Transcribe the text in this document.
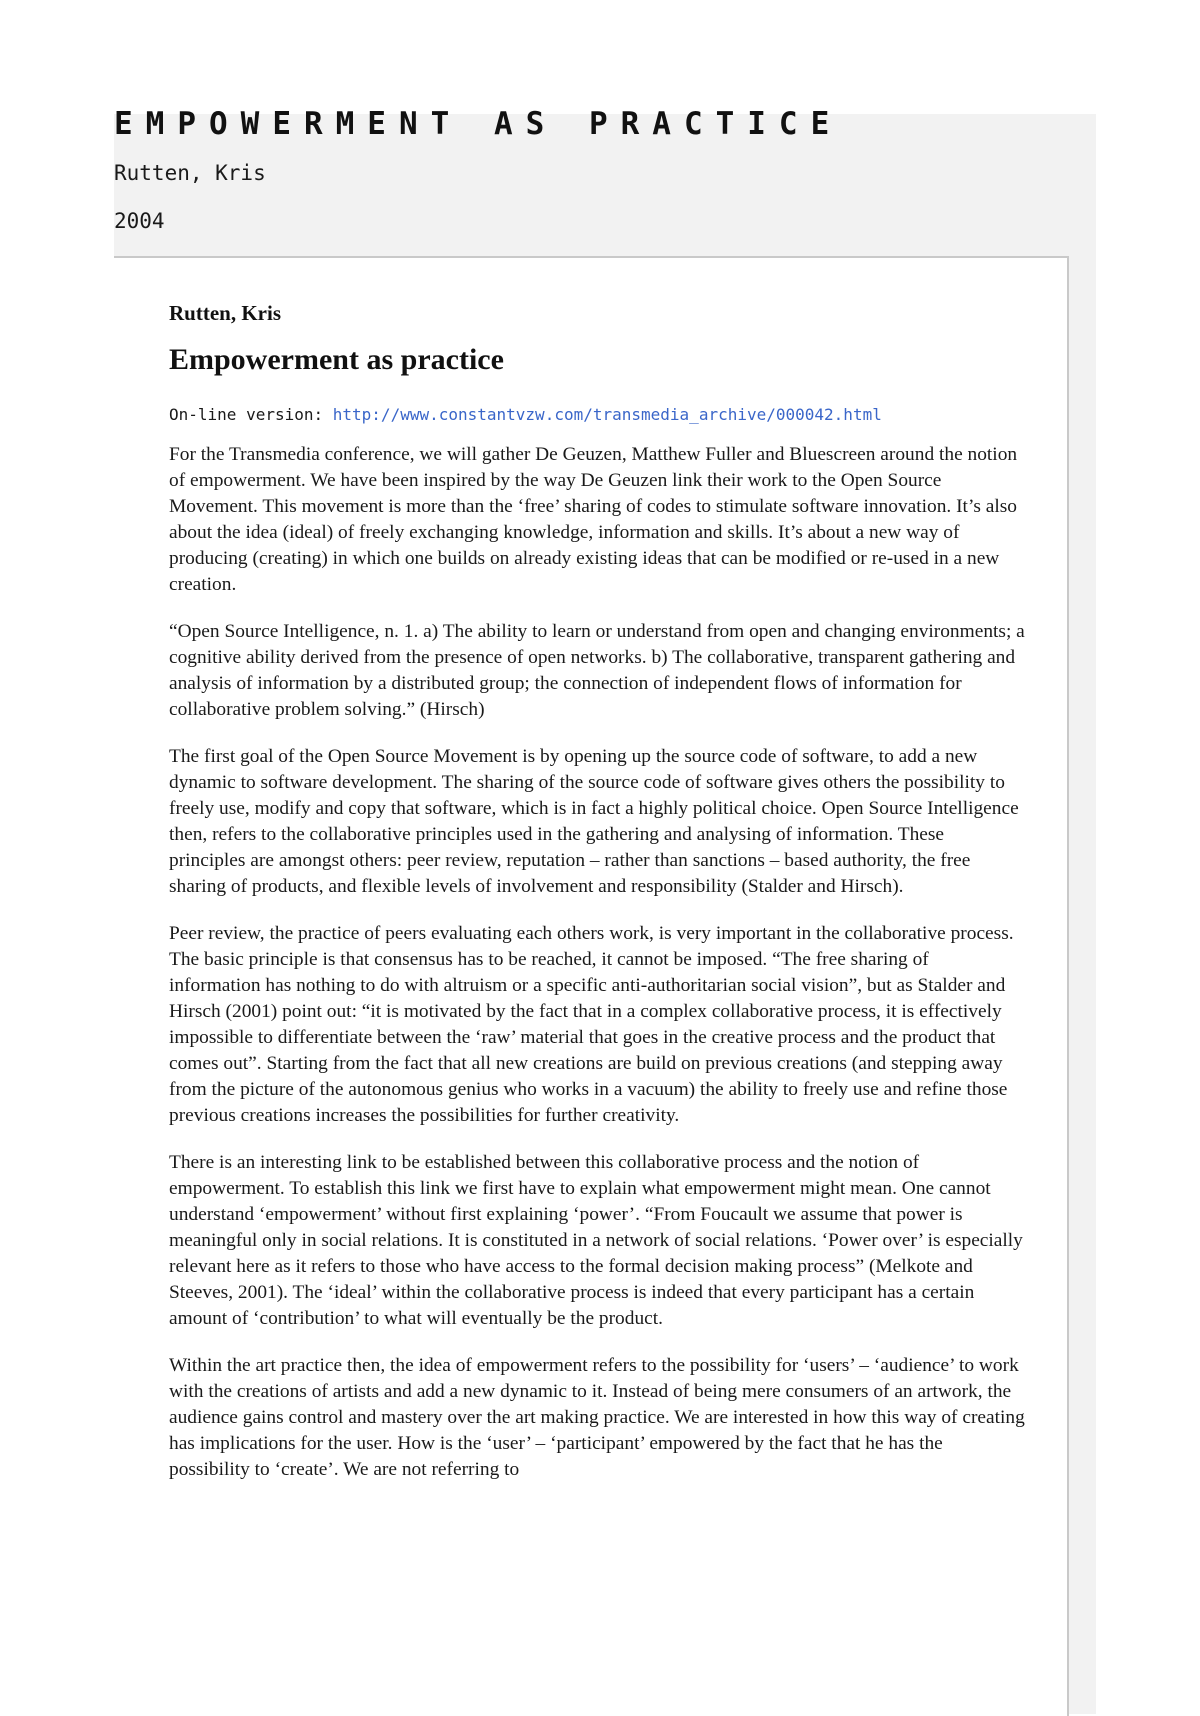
EMPOWERMENT AS PRACTICE

Rutten, Kris

2004

Rutten, Kris

Empowerment as practice

On-line version: http://www.constantvzw.com/transmedia_archive/000042.html

For the Transmedia conference, we will gather De Geuzen, Matthew Fuller and Bluescreen around the notion of empowerment. We have been inspired by the way De Geuzen link their work to the Open Source Movement. This movement is more than the ‘free’ sharing of codes to stimulate software innovation. It’s also about the idea (ideal) of freely exchanging knowledge, information and skills. It’s about a new way of producing (creating) in which one builds on already existing ideas that can be modified or re-used in a new creation.

“Open Source Intelligence, n. 1. a) The ability to learn or understand from open and changing environments; a cognitive ability derived from the presence of open networks. b) The collaborative, transparent gathering and analysis of information by a distributed group; the connection of independent flows of information for collaborative problem solving.” (Hirsch)

The first goal of the Open Source Movement is by opening up the source code of software, to add a new dynamic to software development. The sharing of the source code of software gives others the possibility to freely use, modify and copy that software, which is in fact a highly political choice. Open Source Intelligence then, refers to the collaborative principles used in the gathering and analysing of information. These principles are amongst others: peer review, reputation – rather than sanctions – based authority, the free sharing of products, and flexible levels of involvement and responsibility (Stalder and Hirsch).

Peer review, the practice of peers evaluating each others work, is very important in the collaborative process. The basic principle is that consensus has to be reached, it cannot be imposed. “The free sharing of information has nothing to do with altruism or a specific anti-authoritarian social vision”, but as Stalder and Hirsch (2001) point out: “it is motivated by the fact that in a complex collaborative process, it is effectively impossible to differentiate between the ‘raw’ material that goes in the creative process and the product that comes out”. Starting from the fact that all new creations are build on previous creations (and stepping away from the picture of the autonomous genius who works in a vacuum) the ability to freely use and refine those previous creations increases the possibilities for further creativity.

There is an interesting link to be established between this collaborative process and the notion of empowerment. To establish this link we first have to explain what empowerment might mean. One cannot understand ‘empowerment’ without first explaining ‘power’. “From Foucault we assume that power is meaningful only in social relations. It is constituted in a network of social relations. ‘Power over’ is especially relevant here as it refers to those who have access to the formal decision making process” (Melkote and Steeves, 2001). The ‘ideal’ within the collaborative process is indeed that every participant has a certain amount of ‘contribution’ to what will eventually be the product.

Within the art practice then, the idea of empowerment refers to the possibility for ‘users’ – ‘audience’ to work with the creations of artists and add a new dynamic to it. Instead of being mere consumers of an artwork, the audience gains control and mastery over the art making practice. We are interested in how this way of creating has implications for the user. How is the ‘user’ – ‘participant’ empowered by the fact that he has the possibility to ‘create’. We are not referring to
